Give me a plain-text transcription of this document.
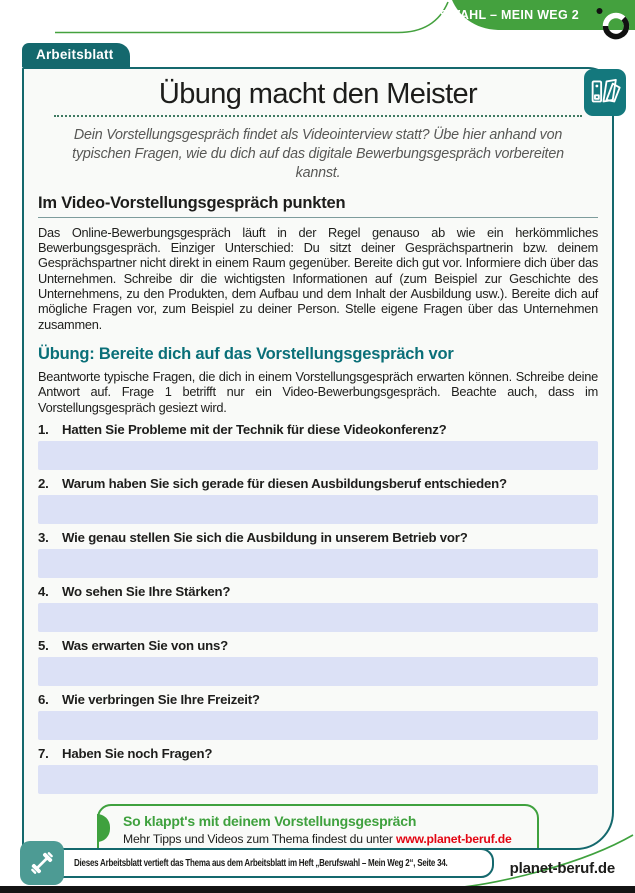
BERUFSWAHL – MEIN WEG 2
Arbeitsblatt
Übung macht den Meister

Dein Vorstellungsgespräch findet als Videointerview statt? Übe hier anhand von typischen Fragen, wie du dich auf das digitale Bewerbungsgespräch vorbereiten kannst.

Im Video-Vorstellungsgespräch punkten

Das Online-Bewerbungsgespräch läuft in der Regel genauso ab wie ein herkömmliches Bewerbungsgespräch. Einziger Unterschied: Du sitzt deiner Gesprächspartnerin bzw. deinem Gesprächspartner nicht direkt in einem Raum gegenüber. Bereite dich gut vor. Informiere dich über das Unternehmen. Schreibe dir die wichtigsten Informationen auf (zum Beispiel zur Geschichte des Unternehmens, zu den Produkten, dem Aufbau und dem Inhalt der Ausbildung usw.). Bereite dich auf mögliche Fragen vor, zum Beispiel zu deiner Person. Stelle eigene Fragen über das Unternehmen zusammen.

Übung: Bereite dich auf das Vorstellungsgespräch vor

Beantworte typische Fragen, die dich in einem Vorstellungsgespräch erwarten können. Schreibe deine Antwort auf. Frage 1 betrifft nur ein Video-Bewerbungsgespräch. Beachte auch, dass im Vorstellungsgespräch gesiezt wird.

1.	Hatten Sie Probleme mit der Technik für diese Videokonferenz?
2.	Warum haben Sie sich gerade für diesen Ausbildungsberuf entschieden?
3.	Wie genau stellen Sie sich die Ausbildung in unserem Betrieb vor?
4.	Wo sehen Sie Ihre Stärken?
5.	Was erwarten Sie von uns?
6.	Wie verbringen Sie Ihre Freizeit?
7.	Haben Sie noch Fragen?
So klappt's mit deinem Vorstellungsgespräch

Mehr Tipps und Videos zum Thema findest du unter www.planet-beruf.de

Dieses Arbeitsblatt vertieft das Thema aus dem Arbeitsblatt im Heft „Berufswahl – Mein Weg 2“, Seite 34.	planet-beruf.de
